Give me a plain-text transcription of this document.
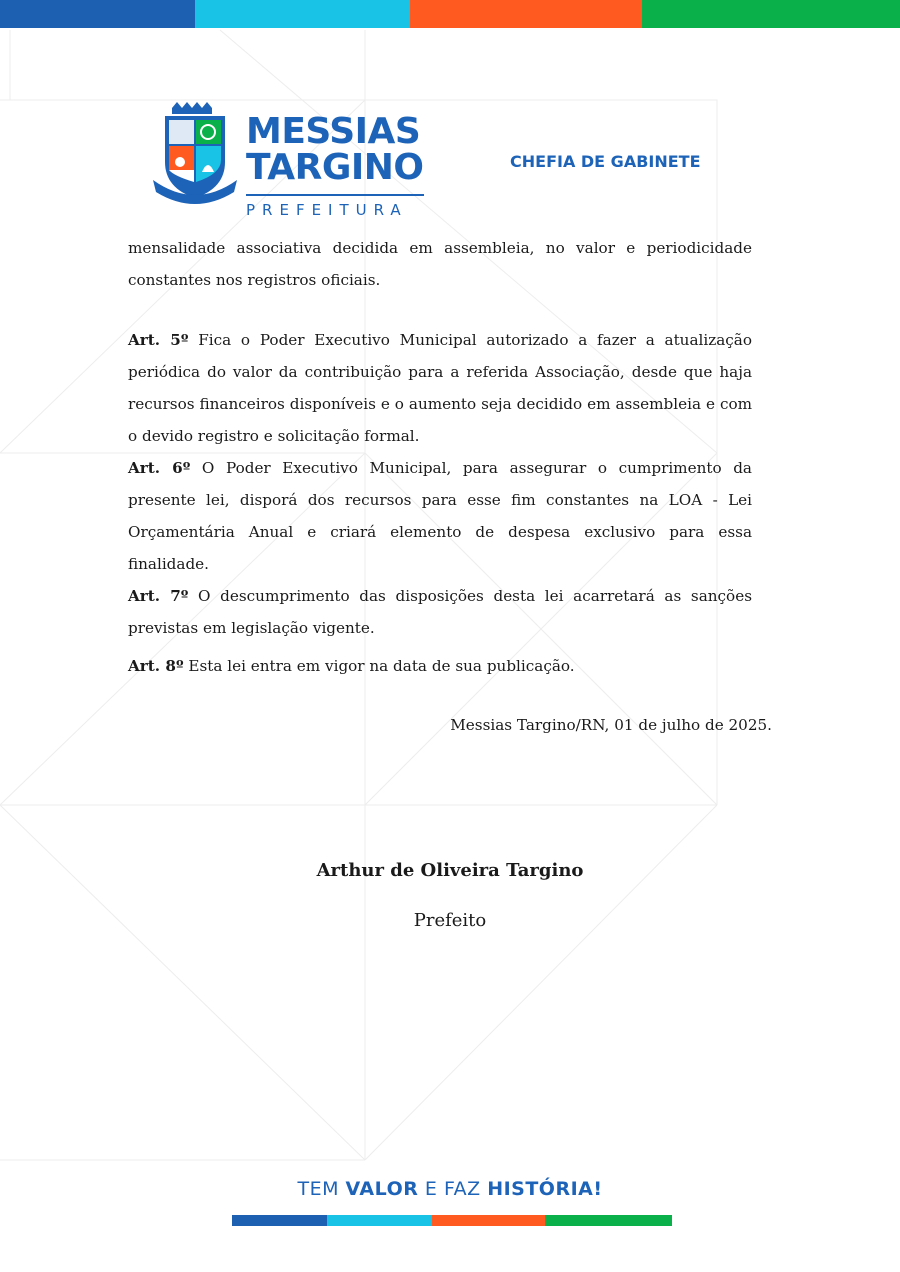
MESSIAS
TARGINO
PREFEITURA
CHEFIA DE GABINETE

mensalidade associativa decidida em assembleia, no valor e periodicidade constantes nos registros oficiais.

Art. 5º Fica o Poder Executivo Municipal autorizado a fazer a atualização periódica do valor da contribuição para a referida Associação, desde que haja recursos financeiros disponíveis e o aumento seja decidido em assembleia e com o devido registro e solicitação formal.

Art. 6º O Poder Executivo Municipal, para assegurar o cumprimento da presente lei, disporá dos recursos para esse fim constantes na LOA - Lei Orçamentária Anual e criará elemento de despesa exclusivo para essa finalidade.

Art. 7º O descumprimento das disposições desta lei acarretará as sanções previstas em legislação vigente.

Art. 8º Esta lei entra em vigor na data de sua publicação.

Messias Targino/RN, 01 de julho de 2025.
Arthur de Oliveira Targino
Prefeito
TEM VALOR E FAZ HISTÓRIA!
